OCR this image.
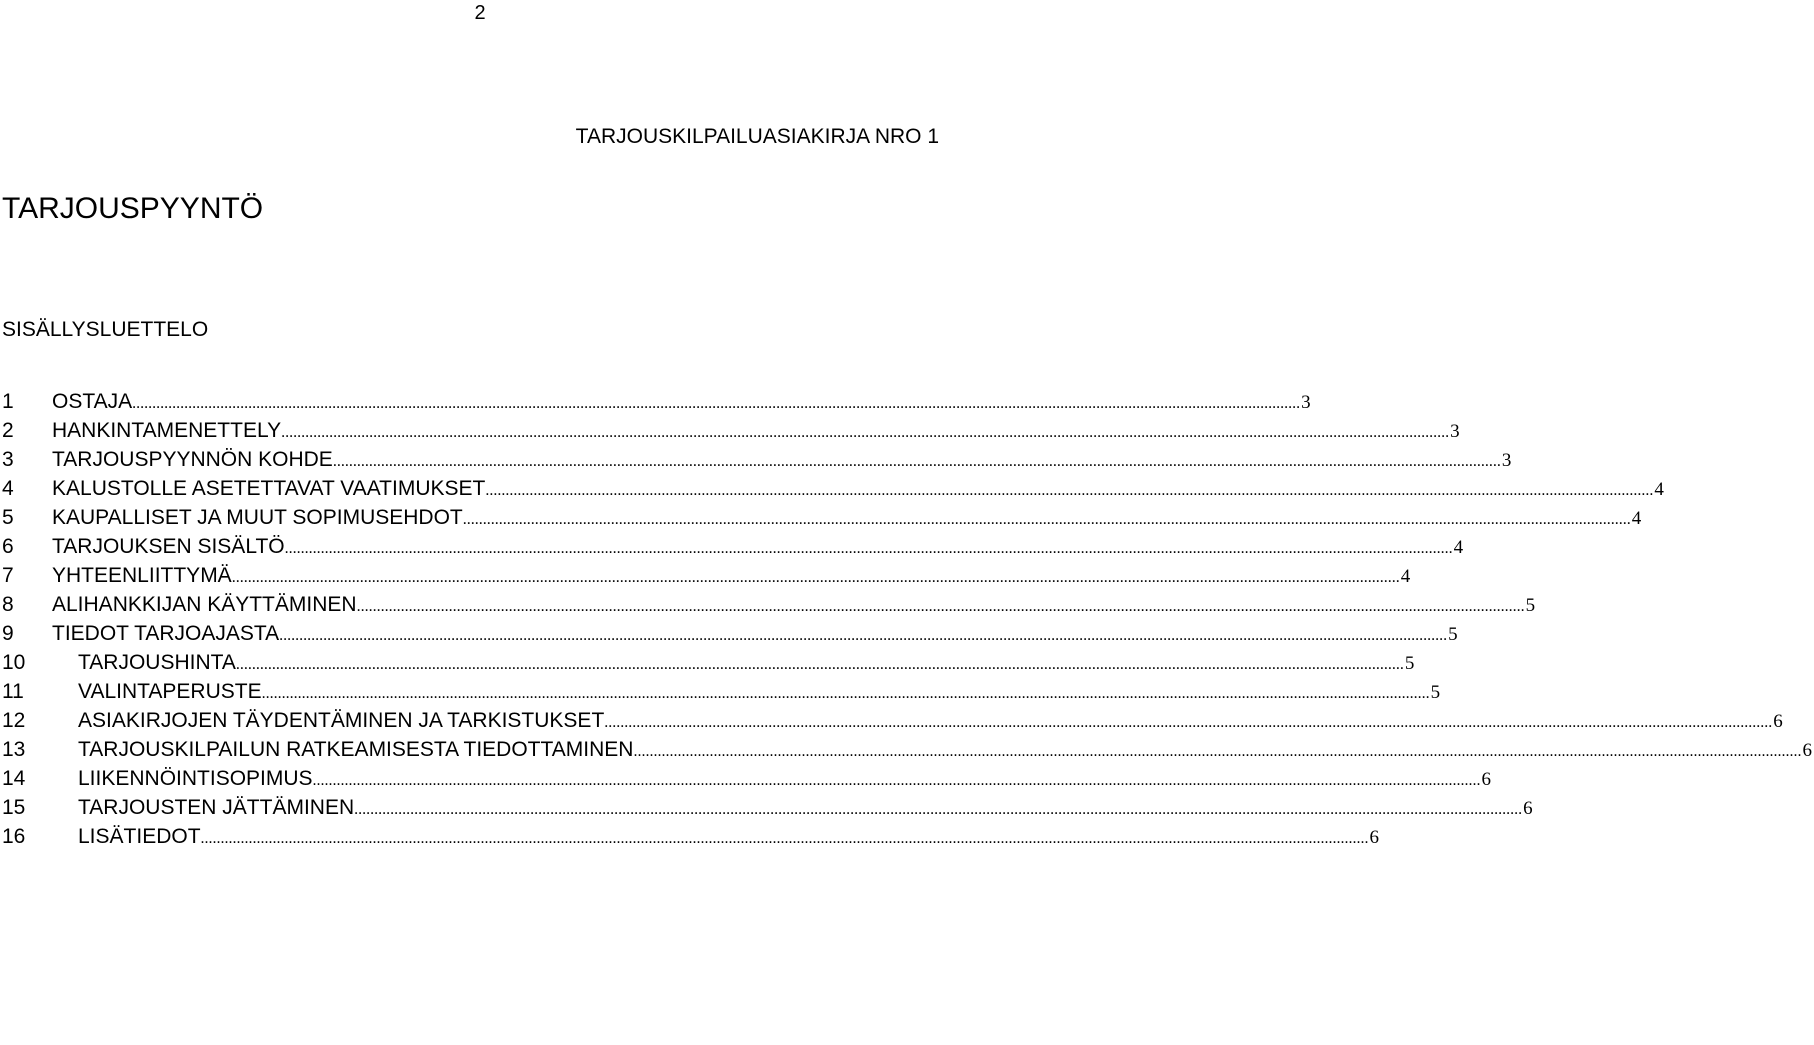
2
TARJOUSKILPAILUASIAKIRJA NRO 1
TARJOUSPYYNTÖ
SISÄLLYSLUETTELO
1	OSTAJA .....	3
2	HANKINTAMENETTELY .....	3
3	TARJOUSPYYNNÖN KOHDE .....	3
4	KALUSTOLLE ASETETTAVAT VAATIMUKSET .....	4
5	KAUPALLISET JA MUUT SOPIMUSEHDOT .....	4
6	TARJOUKSEN SISÄLTÖ .....	4
7	YHTEENLIITTYMÄ .....	4
8	ALIHANKKIJAN KÄYTTÄMINEN .....	5
9	TIEDOT TARJOAJASTA .....	5
10	TARJOUSHINTA .....	5
11	VALINTAPERUSTE .....	5
12	ASIAKIRJOJEN TÄYDENTÄMINEN JA TARKISTUKSET .....	6
13	TARJOUSKILPAILUN RATKEAMISESTA TIEDOTTAMINEN .....	6
14	LIIKENNÖINTISOPIMUS .....	6
15	TARJOUSTEN JÄTTÄMINEN .....	6
16	LISÄTIEDOT .....	6
